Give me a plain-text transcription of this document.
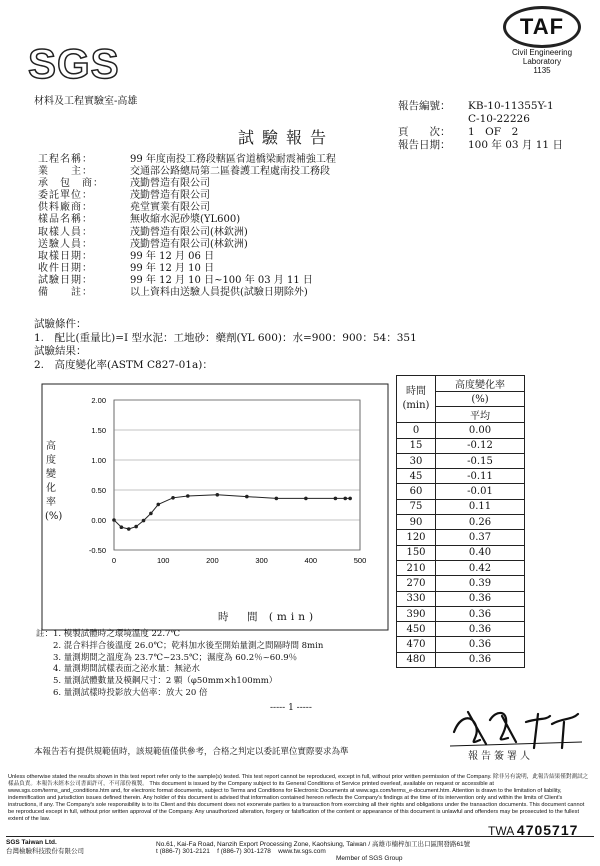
SGS
TAF
Civil Engineering
Laboratory
1135
材料及工程實驗室-高雄	報告編號： KB-10-11355Y-1
C-10-22226
頁　　次： 1　OF　2
報告日期： 100 年 03 月 11 日
試驗報告
工程名稱：	99 年度南投工務段轄區省道橋梁耐震補強工程
業　　主：	交通部公路總局第二區養護工程處南投工務段
承　包　商：	茂勤營造有限公司
委託單位：	茂勤營造有限公司
供料廠商：	堯堂實業有限公司
樣品名稱：	無收縮水泥砂漿(YL600)
取樣人員：	茂勤營造有限公司(林欽洲)
送驗人員：	茂勤營造有限公司(林欽洲)
取樣日期：	99 年 12 月 06 日
收件日期：	99 年 12 月 10 日
試驗日期：	99 年 12 月 10 日~100 年 03 月 11 日
備　　註：	以上資料由送驗人員提供(試驗日期除外)
試驗條件：
1.　配比(重量比)=I 型水泥：工地砂：藥劑(YL 600)：水=900：900：54：351
試驗結果：
2.　高度變化率(ASTM C827-01a)：
2.00
1.50
1.00
0.50
0.00
-0.50
0	100	200	300	400	500
高度變化率(%)
時　間 (min)
時間
(min)	高度變化率
	(%)
	平均
0	0.00
15	-0.12
30	-0.15
45	-0.11
60	-0.01
75	0.11
90	0.26
120	0.37
150	0.40
210	0.42
270	0.39
330	0.36
390	0.36
450	0.36
470	0.36
480	0.36
註：1. 模製試體時之環境溫度 22.7℃
　　2. 混合料拌合後溫度 26.0℃；乾料加水後至開始量測之間隔時間 8min
　　3. 量測期間之溫度為 23.7℃~23.5℃；濕度為 60.2％~60.9％
　　4. 量測期間試樣表面之泌水量：無泌水
　　5. 量測試體數量及模鋼尺寸：2 顆（φ50mm×h100mm）
　　6. 量測試樣時投影放大倍率：放大 20 倍
----- 1 -----
報告簽署人
本報告若有提供規範值時，該規範值僅供參考，合格之判定以委託單位實際要求為準
Unless otherwise stated the results shown in this test report refer only to the sample(s) tested. This test report cannot be reproduced, except in full, without prior written permission of the Company. 除非另有說明，此報告結果僅對測試之樣品負責。本報告未經本公司書面許可，不可部份複製。 This document is issued by the Company subject to its General Conditions of Service printed overleaf, available on request or accessible at www.sgs.com/terms_and_conditions.htm and, for electronic format documents, subject to Terms and Conditions for Electronic Documents at www.sgs.com/terms_e-document.htm. Attention is drawn to the limitation of liability, indemnification and jurisdiction issues defined therein. Any holder of this document is advised that information contained hereon reflects the Company's findings at the time of its intervention only and within the limits of Client's instructions, if any. The Company's sole responsibility is to its Client and this document does not exonerate parties to a transaction from exercising all their rights and obligations under the transaction documents. This document cannot be reproduced except in full, without prior written approval of the Company. Any unauthorized alteration, forgery or falsification of the content or appearance of this document is unlawful and offenders may be prosecuted to the fullest extent of the law.
TWA 4705717
SGS Taiwan Ltd.
台灣檢驗科技股份有限公司
No.61, Kai-Fa Road, Nanzih Export Processing Zone, Kaohsiung, Taiwan / 高雄市楠梓加工出口區開發路61號
t (886-7) 301-2121 f (886-7) 301-1278 www.tw.sgs.com
Member of SGS Group
